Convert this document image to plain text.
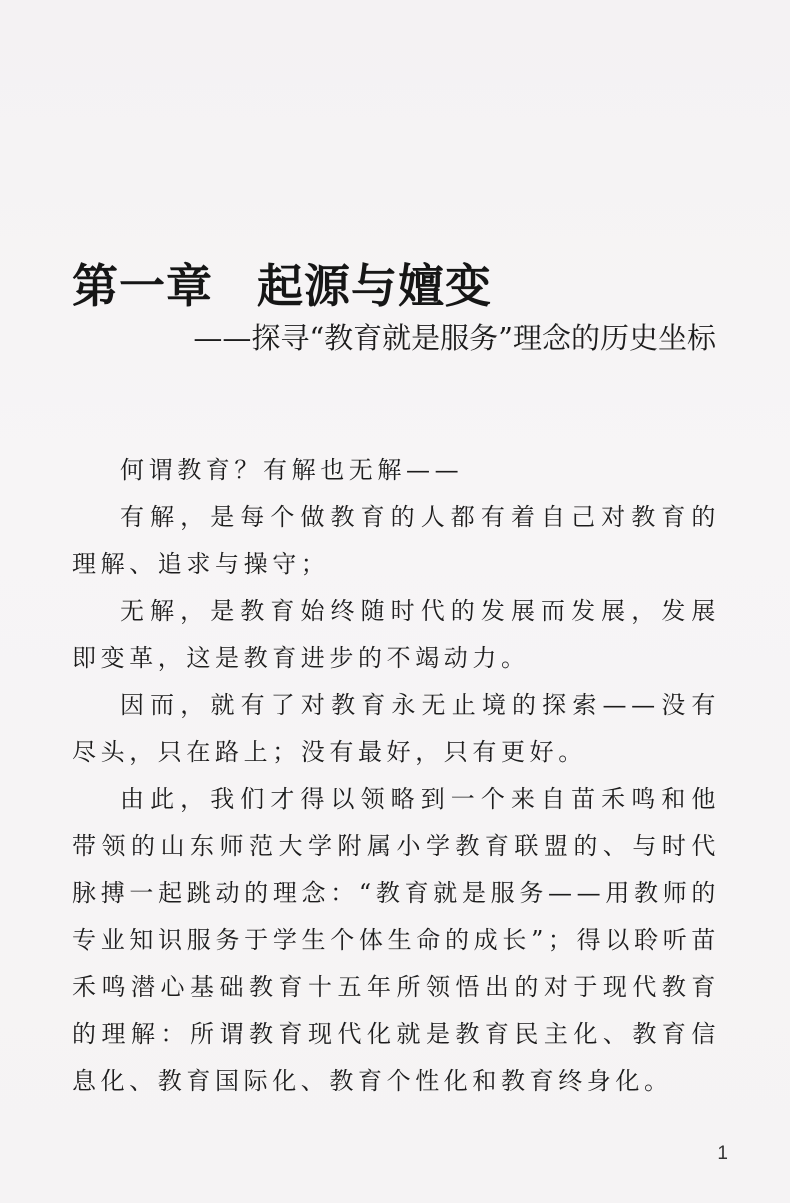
第一章 起源与嬗变
——探寻“教育就是服务”理念的历史坐标

何谓教育？有解也无解——

有解，是每个做教育的人都有着自己对教育的理解、追求与操守；

无解，是教育始终随时代的发展而发展，发展即变革，这是教育进步的不竭动力。

因而，就有了对教育永无止境的探索——没有尽头，只在路上；没有最好，只有更好。

由此，我们才得以领略到一个来自苗禾鸣和他带领的山东师范大学附属小学教育联盟的、与时代脉搏一起跳动的理念：“教育就是服务——用教师的专业知识服务于学生个体生命的成长”；得以聆听苗禾鸣潜心基础教育十五年所领悟出的对于现代教育的理解：所谓教育现代化就是教育民主化、教育信息化、教育国际化、教育个性化和教育终身化。

1
